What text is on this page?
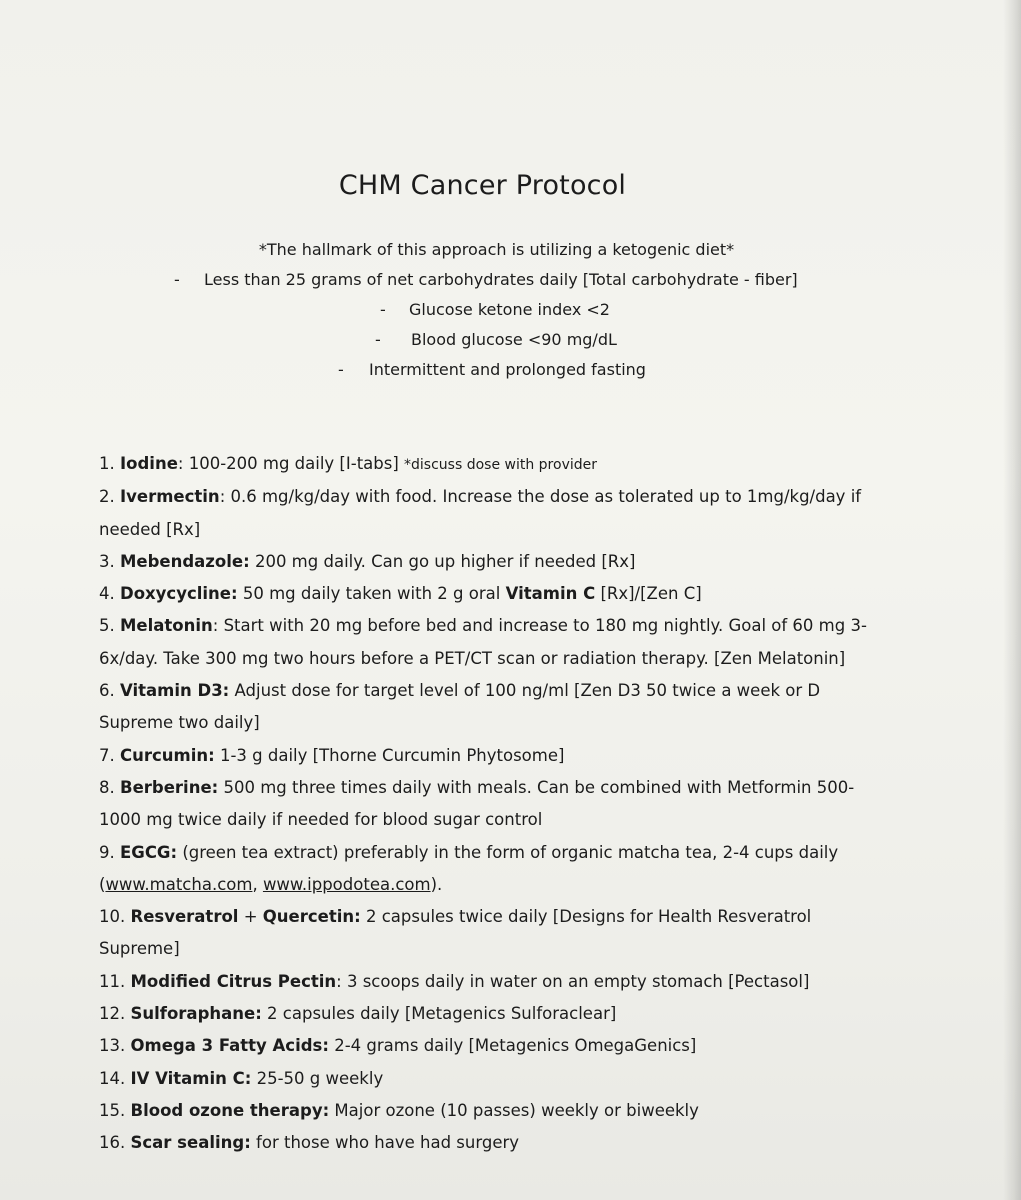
CHM Cancer Protocol
*The hallmark of this approach is utilizing a ketogenic diet*
- Less than 25 grams of net carbohydrates daily [Total carbohydrate - fiber]
- Glucose ketone index <2
- Blood glucose <90 mg/dL
- Intermittent and prolonged fasting

1. Iodine: 100-200 mg daily [I-tabs] *discuss dose with provider

2. Ivermectin: 0.6 mg/kg/day with food. Increase the dose as tolerated up to 1mg/kg/day if needed [Rx]

3. Mebendazole: 200 mg daily. Can go up higher if needed [Rx]

4. Doxycycline: 50 mg daily taken with 2 g oral Vitamin C [Rx]/[Zen C]

5. Melatonin: Start with 20 mg before bed and increase to 180 mg nightly. Goal of 60 mg 3-6x/day. Take 300 mg two hours before a PET/CT scan or radiation therapy. [Zen Melatonin]

6. Vitamin D3: Adjust dose for target level of 100 ng/ml [Zen D3 50 twice a week or D Supreme two daily]

7. Curcumin: 1-3 g daily [Thorne Curcumin Phytosome]

8. Berberine: 500 mg three times daily with meals. Can be combined with Metformin 500-1000 mg twice daily if needed for blood sugar control

9. EGCG: (green tea extract) preferably in the form of organic matcha tea, 2-4 cups daily (www.matcha.com, www.ippodotea.com).

10. Resveratrol + Quercetin: 2 capsules twice daily [Designs for Health Resveratrol Supreme]

11. Modified Citrus Pectin: 3 scoops daily in water on an empty stomach [Pectasol]

12. Sulforaphane: 2 capsules daily [Metagenics Sulforaclear]

13. Omega 3 Fatty Acids: 2-4 grams daily [Metagenics OmegaGenics]

14. IV Vitamin C: 25-50 g weekly

15. Blood ozone therapy: Major ozone (10 passes) weekly or biweekly

16. Scar sealing: for those who have had surgery
